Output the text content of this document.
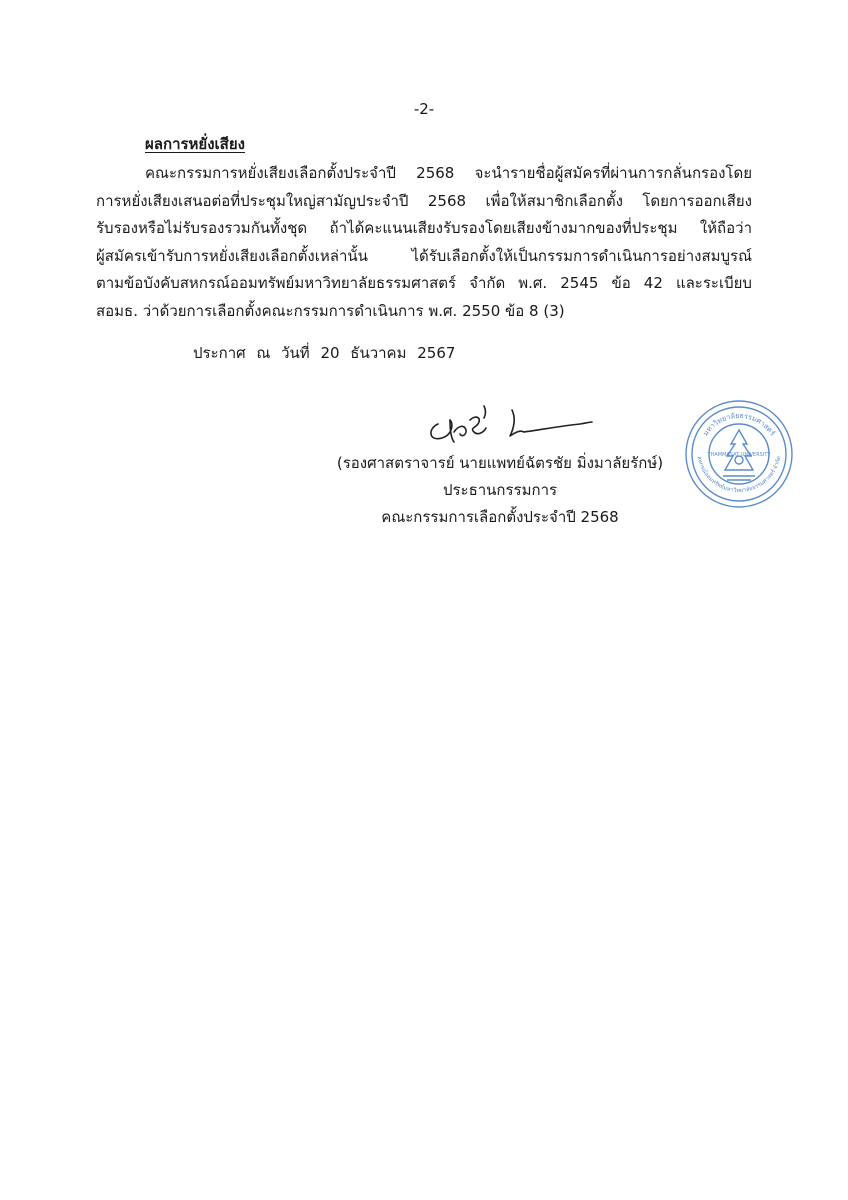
-2-
ผลการหยั่งเสียง
คณะกรรมการหยั่งเสียงเลือกตั้งประจำปี 2568 จะนำรายชื่อผู้สมัครที่ผ่านการกลั่นกรองโดย
การหยั่งเสียงเสนอต่อที่ประชุมใหญ่สามัญประจำปี 2568 เพื่อให้สมาชิกเลือกตั้ง โดยการออกเสียง
รับรองหรือไม่รับรองรวมกันทั้งชุด ถ้าได้คะแนนเสียงรับรองโดยเสียงข้างมากของที่ประชุม ให้ถือว่า
ผู้สมัครเข้ารับการหยั่งเสียงเลือกตั้งเหล่านั้น	ได้รับเลือกตั้งให้เป็นกรรมการดำเนินการอย่างสมบูรณ์
ตามข้อบังคับสหกรณ์ออมทรัพย์มหาวิทยาลัยธรรมศาสตร์ จำกัด พ.ศ. 2545 ข้อ 42 และระเบียบ
สอมธ. ว่าด้วยการเลือกตั้งคณะกรรมการดำเนินการ พ.ศ. 2550 ข้อ 8 (3)
ประกาศ ณ วันที่ 20 ธันวาคม 2567
(รองศาสตราจารย์ นายแพทย์ฉัตรชัย มิ่งมาลัยรักษ์)
ประธานกรรมการ
คณะกรรมการเลือกตั้งประจำปี 2568
มหาวิทยาลัยธรรมศาสตร์
THAMMASAT UNIVERSITY
สหกรณ์ออมทรัพย์มหาวิทยาลัยธรรมศาสตร์ จำกัด
